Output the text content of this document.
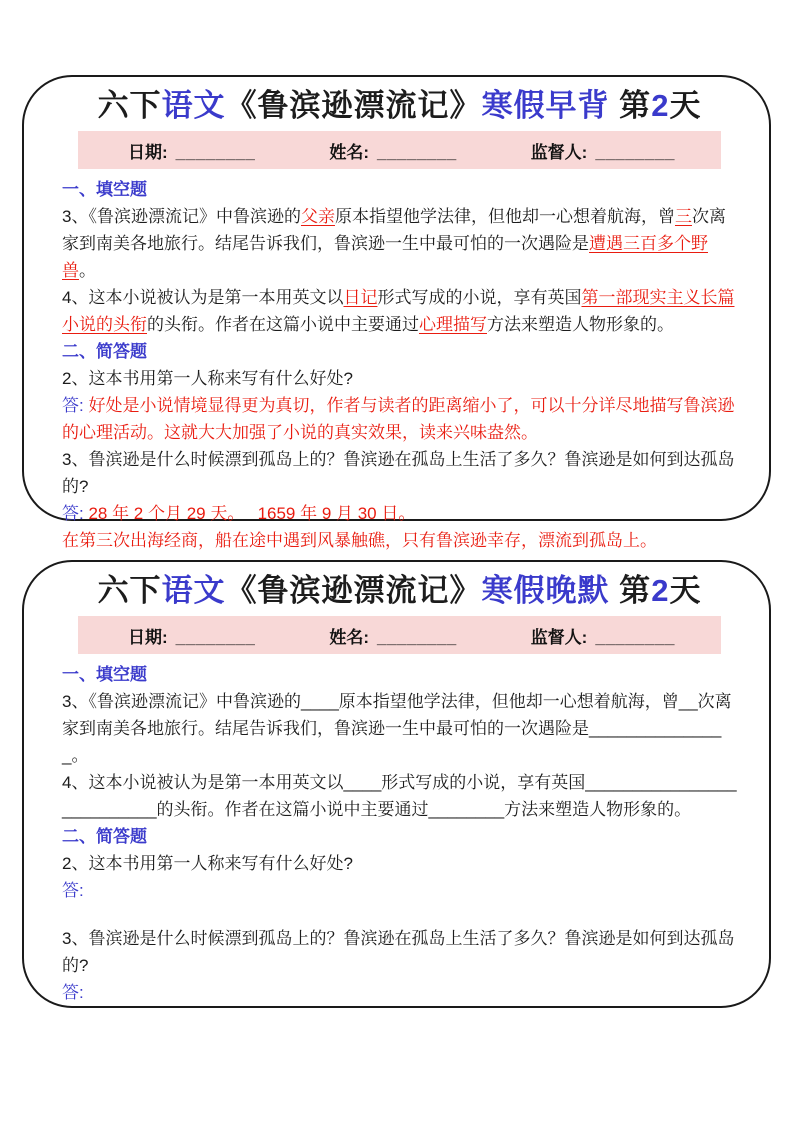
六下语文《鲁滨逊漂流记》寒假早背 第2天
日期: ________	姓名: ________	监督人: ________

一、填空题

3、《鲁滨逊漂流记》中鲁滨逊的父亲原本指望他学法律，但他却一心想着航海，曾三次离家到南美各地旅行。结尾告诉我们，鲁滨逊一生中最可怕的一次遇险是遭遇三百多个野兽。

4、这本小说被认为是第一本用英文以日记形式写成的小说，享有英国第一部现实主义长篇小说的头衔的头衔。作者在这篇小说中主要通过心理描写方法来塑造人物形象的。

二、简答题

2、这本书用第一人称来写有什么好处?

答: 好处是小说情境显得更为真切，作者与读者的距离缩小了，可以十分详尽地描写鲁滨逊的心理活动。这就大大加强了小说的真实效果，读来兴味盎然。

3、鲁滨逊是什么时候漂到孤岛上的？鲁滨逊在孤岛上生活了多久？鲁滨逊是如何到达孤岛的?

答: 28 年 2 个月 29 天。　 1659 年 9 月 30 日。

在第三次出海经商，船在途中遇到风暴触礁，只有鲁滨逊幸存，漂流到孤岛上。

六下语文《鲁滨逊漂流记》寒假晚默 第2天
日期: ________	姓名: ________	监督人: ________

一、填空题

3、《鲁滨逊漂流记》中鲁滨逊的____原本指望他学法律，但他却一心想着航海，曾__次离家到南美各地旅行。结尾告诉我们，鲁滨逊一生中最可怕的一次遇险是_______________。

4、这本小说被认为是第一本用英文以____形式写成的小说，享有英国__________________________的头衔。作者在这篇小说中主要通过________方法来塑造人物形象的。

二、简答题

2、这本书用第一人称来写有什么好处?

答:

3、鲁滨逊是什么时候漂到孤岛上的？鲁滨逊在孤岛上生活了多久？鲁滨逊是如何到达孤岛的?

答:
